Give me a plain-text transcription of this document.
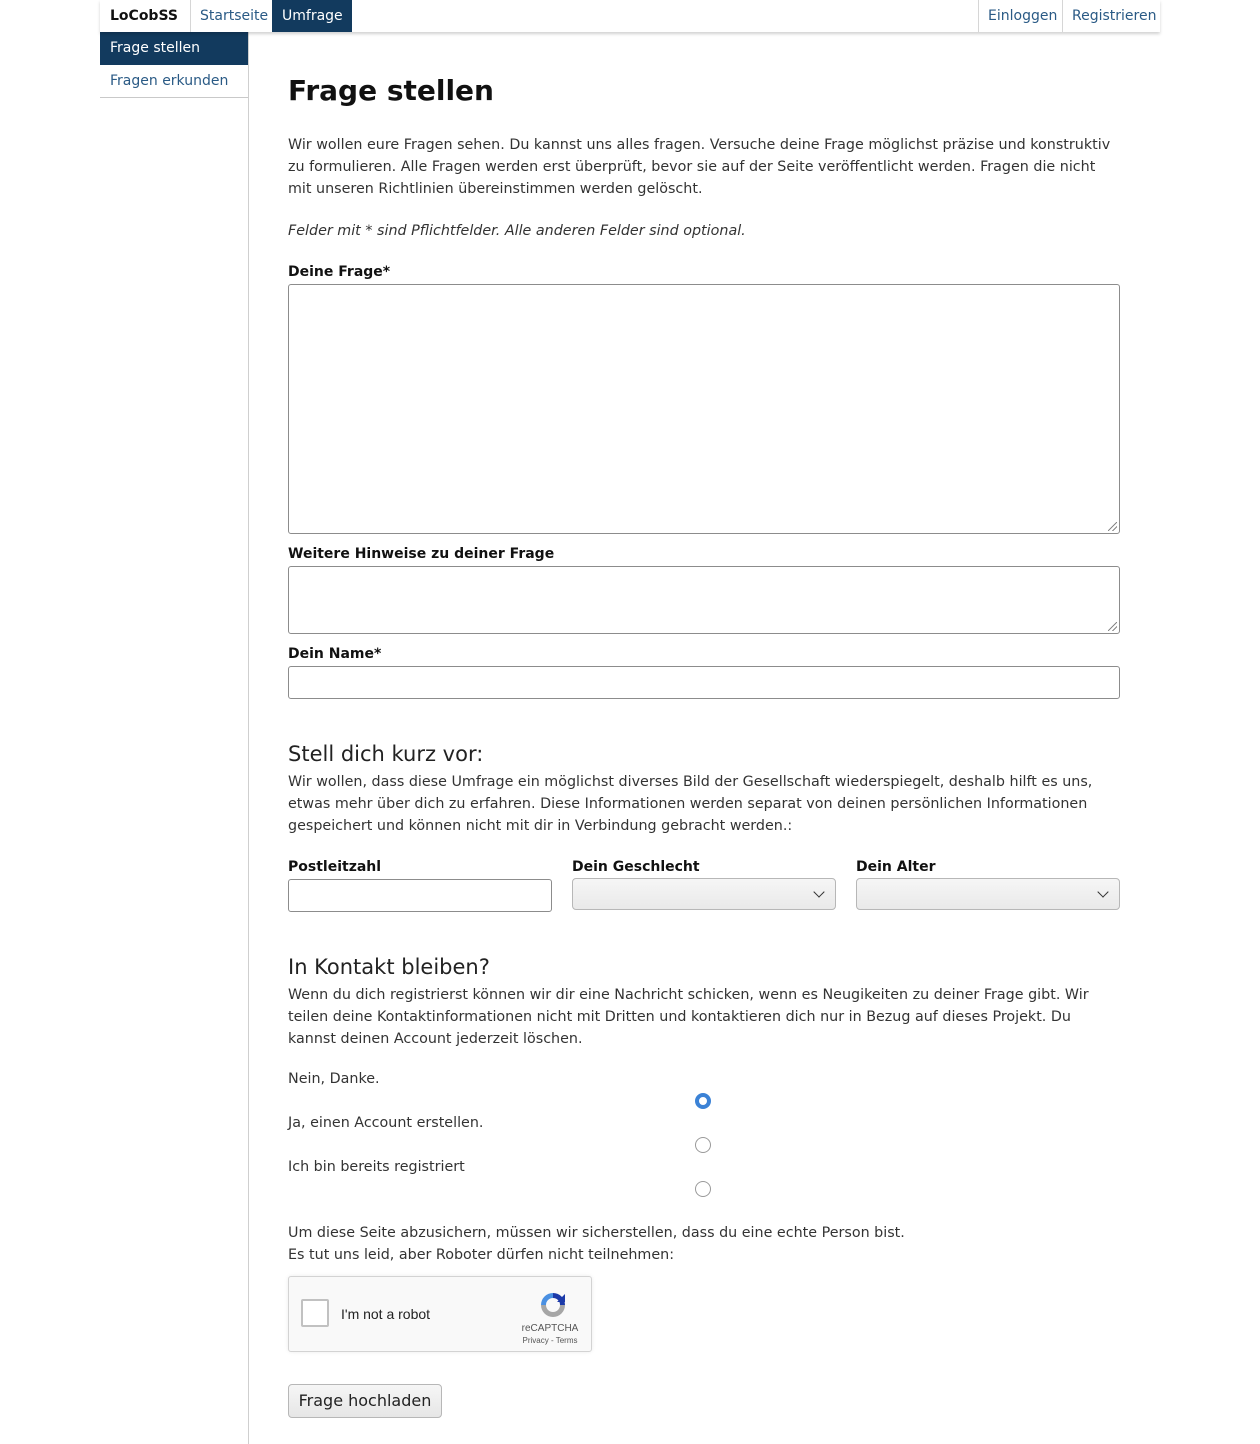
LoCobSS	Startseite Umfrage	Einloggen	Registrieren
Frage stellen
Fragen erkunden	Frage stellen

Wir wollen eure Fragen sehen. Du kannst uns alles fragen. Versuche deine Frage möglichst präzise und konstruktiv zu formulieren. Alle Fragen werden erst überprüft, bevor sie auf der Seite veröffentlicht werden. Fragen die nicht mit unseren Richtlinien übereinstimmen werden gelöscht.

Felder mit * sind Pflichtfelder. Alle anderen Felder sind optional.

Deine Frage*
Weitere Hinweise zu deiner Frage
Dein Name*
Stell dich kurz vor:

Wir wollen, dass diese Umfrage ein möglichst diverses Bild der Gesellschaft wiederspiegelt, deshalb hilft es uns, etwas mehr über dich zu erfahren. Diese Informationen werden separat von deinen persönlichen Informationen gespeichert und können nicht mit dir in Verbindung gebracht werden.:

Postleitzahl	Dein Geschlecht	Dein Alter
In Kontakt bleiben?

Wenn du dich registrierst können wir dir eine Nachricht schicken, wenn es Neugikeiten zu deiner Frage gibt. Wir teilen deine Kontaktinformationen nicht mit Dritten und kontaktieren dich nur in Bezug auf dieses Projekt. Du kannst deinen Account jederzeit löschen.

Nein, Danke.
Ja, einen Account erstellen.
Ich bin bereits registriert

Um diese Seite abzusichern, müssen wir sicherstellen, dass du eine echte Person bist.

Es tut uns leid, aber Roboter dürfen nicht teilnehmen:

I'm not a robot
reCAPTCHA
Privacy - Terms
Frage hochladen
